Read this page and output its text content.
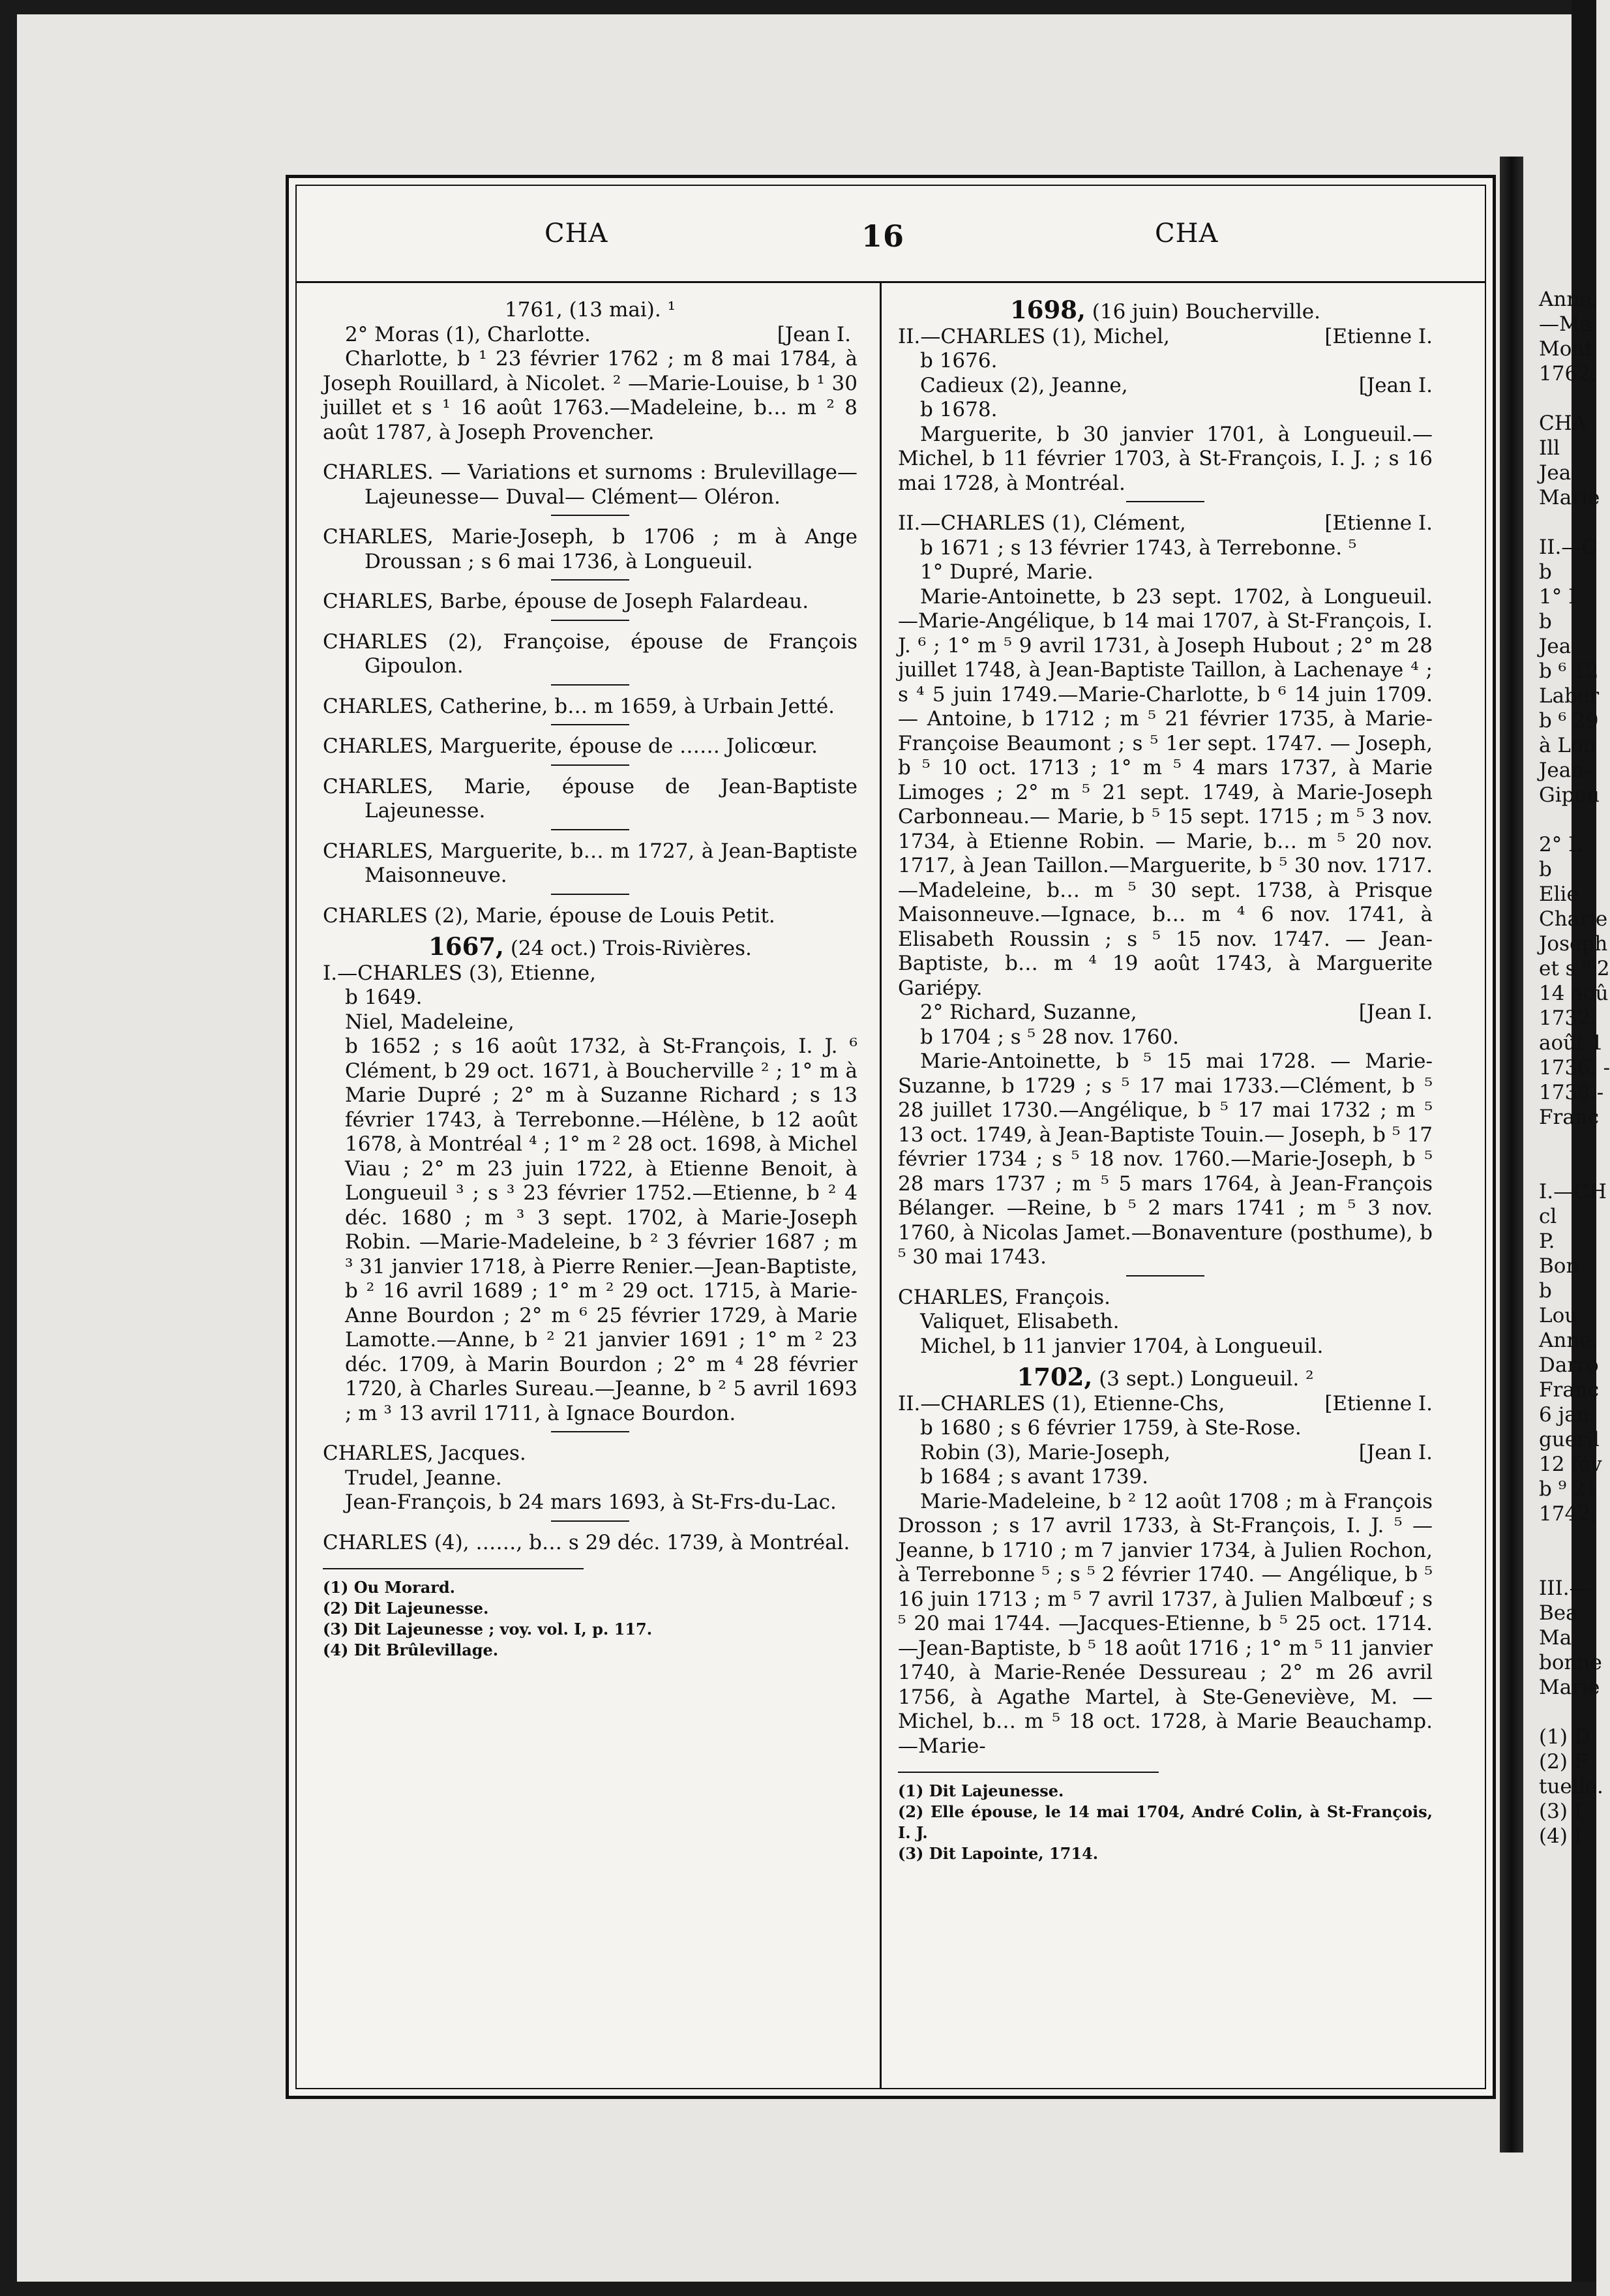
Anne,
—Ma
Mont
1762,

CHA
Ill
Jea
Marie

II.—C
b
1° I
b
Jea
b ⁶ 12
Laber
b ⁶ 29
à Lon
Jean-
Gipou

2° L
b
Elie
Charle
Joseph
et s ⁹ 2
14 aoû
1732.
août 1
1736. -
1738.-
Franç

I.—CH
cl
P.
Bon
b
Lou
Anne,
Darro
Franç
6 jan
gueril
12 fév
b ⁹ 21
1742,

III.—
Bea
Ma
bonne
Marie

(1) D
(2) F
tuelle.
(3) I
(4) I
CHA	16	CHA

1761, (13 mai). ¹

2° Moras (1), Charlotte.	[Jean I.

Charlotte, b ¹ 23 février 1762 ; m 8 mai 1784, à Joseph Rouillard, à Nicolet. ² —Marie-Louise, b ¹ 30 juillet et s ¹ 16 août 1763.—Madeleine, b… m ² 8 août 1787, à Joseph Provencher.

CHARLES. — Variations et surnoms : Brulevillage— Lajeunesse— Duval— Clément— Oléron.

CHARLES, Marie-Joseph, b 1706 ; m à Ange Droussan ; s 6 mai 1736, à Longueuil.

CHARLES, Barbe, épouse de Joseph Falardeau.

CHARLES (2), Françoise, épouse de François Gipoulon.

CHARLES, Catherine, b… m 1659, à Urbain Jetté.

CHARLES, Marguerite, épouse de …… Jolicœur.

CHARLES, Marie, épouse de Jean-Baptiste Lajeunesse.

CHARLES, Marguerite, b… m 1727, à Jean-Baptiste Maisonneuve.

CHARLES (2), Marie, épouse de Louis Petit.

1667, (24 oct.) Trois-Rivières.

I.—CHARLES (3), Etienne,

b 1649.

Niel, Madeleine,

b 1652 ; s 16 août 1732, à St-François, I. J. ⁶ Clément, b 29 oct. 1671, à Boucherville ² ; 1° m à Marie Dupré ; 2° m à Suzanne Richard ; s 13 février 1743, à Terrebonne.—Hélène, b 12 août 1678, à Montréal ⁴ ; 1° m ² 28 oct. 1698, à Michel Viau ; 2° m 23 juin 1722, à Etienne Benoit, à Longueuil ³ ; s ³ 23 février 1752.—Etienne, b ² 4 déc. 1680 ; m ³ 3 sept. 1702, à Marie-Joseph Robin. —Marie-Madeleine, b ² 3 février 1687 ; m ³ 31 janvier 1718, à Pierre Renier.—Jean-Baptiste, b ² 16 avril 1689 ; 1° m ² 29 oct. 1715, à Marie-Anne Bourdon ; 2° m ⁶ 25 février 1729, à Marie Lamotte.—Anne, b ² 21 janvier 1691 ; 1° m ² 23 déc. 1709, à Marin Bourdon ; 2° m ⁴ 28 février 1720, à Charles Sureau.—Jeanne, b ² 5 avril 1693 ; m ³ 13 avril 1711, à Ignace Bourdon.

CHARLES, Jacques.

Trudel, Jeanne.

Jean-François, b 24 mars 1693, à St-Frs-du-Lac.

CHARLES (4), ……, b… s 29 déc. 1739, à Montréal.

(1) Ou Morard.

(2) Dit Lajeunesse.

(3) Dit Lajeunesse ; voy. vol. I, p. 117.

(4) Dit Brûlevillage.

1698, (16 juin) Boucherville.

II.—CHARLES (1), Michel,	[Etienne I.

b 1676.

Cadieux (2), Jeanne,	[Jean I.

b 1678.

Marguerite, b 30 janvier 1701, à Longueuil.— Michel, b 11 février 1703, à St-François, I. J. ; s 16 mai 1728, à Montréal.

II.—CHARLES (1), Clément,	[Etienne I.

b 1671 ; s 13 février 1743, à Terrebonne. ⁵

1° Dupré, Marie.

Marie-Antoinette, b 23 sept. 1702, à Longueuil. —Marie-Angélique, b 14 mai 1707, à St-François, I. J. ⁶ ; 1° m ⁵ 9 avril 1731, à Joseph Hubout ; 2° m 28 juillet 1748, à Jean-Baptiste Taillon, à Lachenaye ⁴ ; s ⁴ 5 juin 1749.—Marie-Charlotte, b ⁶ 14 juin 1709.— Antoine, b 1712 ; m ⁵ 21 février 1735, à Marie-Françoise Beaumont ; s ⁵ 1er sept. 1747. — Joseph, b ⁵ 10 oct. 1713 ; 1° m ⁵ 4 mars 1737, à Marie Limoges ; 2° m ⁵ 21 sept. 1749, à Marie-Joseph Carbonneau.— Marie, b ⁵ 15 sept. 1715 ; m ⁵ 3 nov. 1734, à Etienne Robin. — Marie, b… m ⁵ 20 nov. 1717, à Jean Taillon.—Marguerite, b ⁵ 30 nov. 1717.—Madeleine, b… m ⁵ 30 sept. 1738, à Prisque Maisonneuve.—Ignace, b… m ⁴ 6 nov. 1741, à Elisabeth Roussin ; s ⁵ 15 nov. 1747. — Jean-Baptiste, b… m ⁴ 19 août 1743, à Marguerite Gariépy.

2° Richard, Suzanne,	[Jean I.

b 1704 ; s ⁵ 28 nov. 1760.

Marie-Antoinette, b ⁵ 15 mai 1728. — Marie-Suzanne, b 1729 ; s ⁵ 17 mai 1733.—Clément, b ⁵ 28 juillet 1730.—Angélique, b ⁵ 17 mai 1732 ; m ⁵ 13 oct. 1749, à Jean-Baptiste Touin.— Joseph, b ⁵ 17 février 1734 ; s ⁵ 18 nov. 1760.—Marie-Joseph, b ⁵ 28 mars 1737 ; m ⁵ 5 mars 1764, à Jean-François Bélanger. —Reine, b ⁵ 2 mars 1741 ; m ⁵ 3 nov. 1760, à Nicolas Jamet.—Bonaventure (posthume), b ⁵ 30 mai 1743.

CHARLES, François.

Valiquet, Elisabeth.

Michel, b 11 janvier 1704, à Longueuil.

1702, (3 sept.) Longueuil. ²

II.—CHARLES (1), Etienne-Chs,	[Etienne I.

b 1680 ; s 6 février 1759, à Ste-Rose.

Robin (3), Marie-Joseph,	[Jean I.

b 1684 ; s avant 1739.

Marie-Madeleine, b ² 12 août 1708 ; m à François Drosson ; s 17 avril 1733, à St-François, I. J. ⁵ — Jeanne, b 1710 ; m 7 janvier 1734, à Julien Rochon, à Terrebonne ⁵ ; s ⁵ 2 février 1740. — Angélique, b ⁵ 16 juin 1713 ; m ⁵ 7 avril 1737, à Julien Malbœuf ; s ⁵ 20 mai 1744. —Jacques-Etienne, b ⁵ 25 oct. 1714.—Jean-Baptiste, b ⁵ 18 août 1716 ; 1° m ⁵ 11 janvier 1740, à Marie-Renée Dessureau ; 2° m 26 avril 1756, à Agathe Martel, à Ste-Geneviève, M. — Michel, b… m ⁵ 18 oct. 1728, à Marie Beauchamp.—Marie-

(1) Dit Lajeunesse.

(2) Elle épouse, le 14 mai 1704, André Colin, à St-François, I. J.

(3) Dit Lapointe, 1714.
